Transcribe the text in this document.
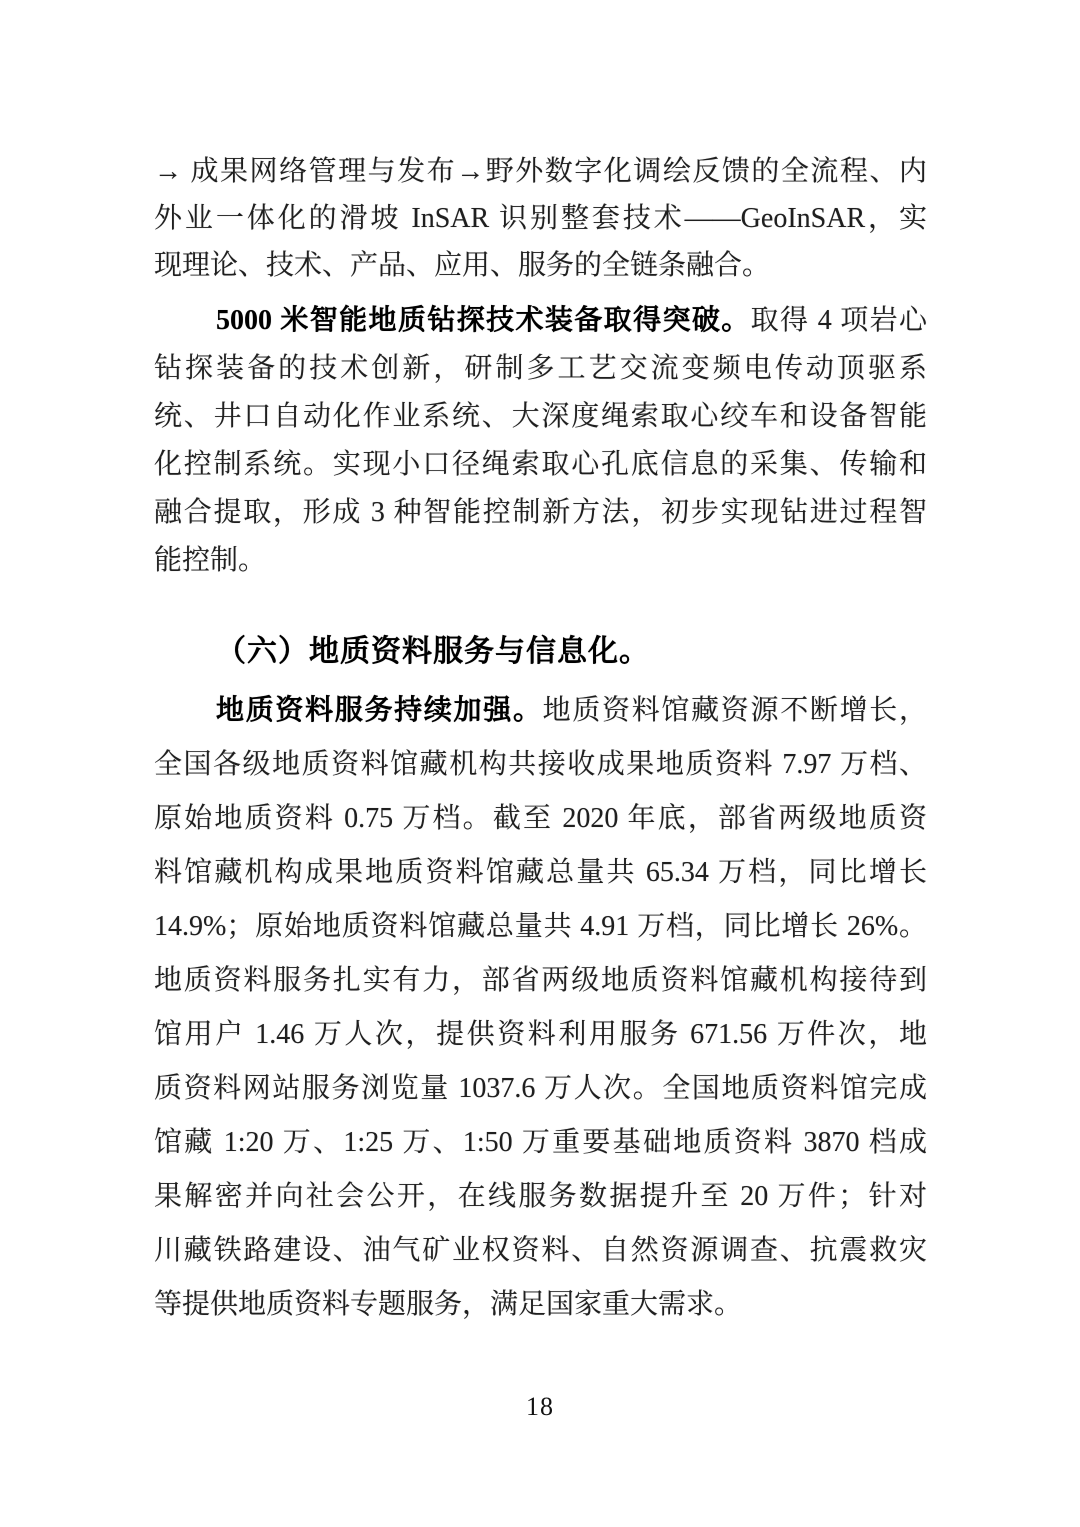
→ 成果网络管理与发布→野外数字化调绘反馈的全流程、内
外业一体化的滑坡 InSAR 识别整套技术——GeoInSAR，实
现理论、技术、产品、应用、服务的全链条融合。
5000 米智能地质钻探技术装备取得突破。取得 4 项岩心
钻探装备的技术创新，研制多工艺交流变频电传动顶驱系
统、井口自动化作业系统、大深度绳索取心绞车和设备智能
化控制系统。实现小口径绳索取心孔底信息的采集、传输和
融合提取，形成 3 种智能控制新方法，初步实现钻进过程智
能控制。
（六）地质资料服务与信息化。
地质资料服务持续加强。地质资料馆藏资源不断增长，
全国各级地质资料馆藏机构共接收成果地质资料 7.97 万档、
原始地质资料 0.75 万档。截至 2020 年底，部省两级地质资
料馆藏机构成果地质资料馆藏总量共 65.34 万档，同比增长
14.9%；原始地质资料馆藏总量共 4.91 万档，同比增长 26%。
地质资料服务扎实有力，部省两级地质资料馆藏机构接待到
馆用户 1.46 万人次，提供资料利用服务 671.56 万件次，地
质资料网站服务浏览量 1037.6 万人次。全国地质资料馆完成
馆藏 1:20 万、1:25 万、1:50 万重要基础地质资料 3870 档成
果解密并向社会公开，在线服务数据提升至 20 万件；针对
川藏铁路建设、油气矿业权资料、自然资源调查、抗震救灾
等提供地质资料专题服务，满足国家重大需求。
18
